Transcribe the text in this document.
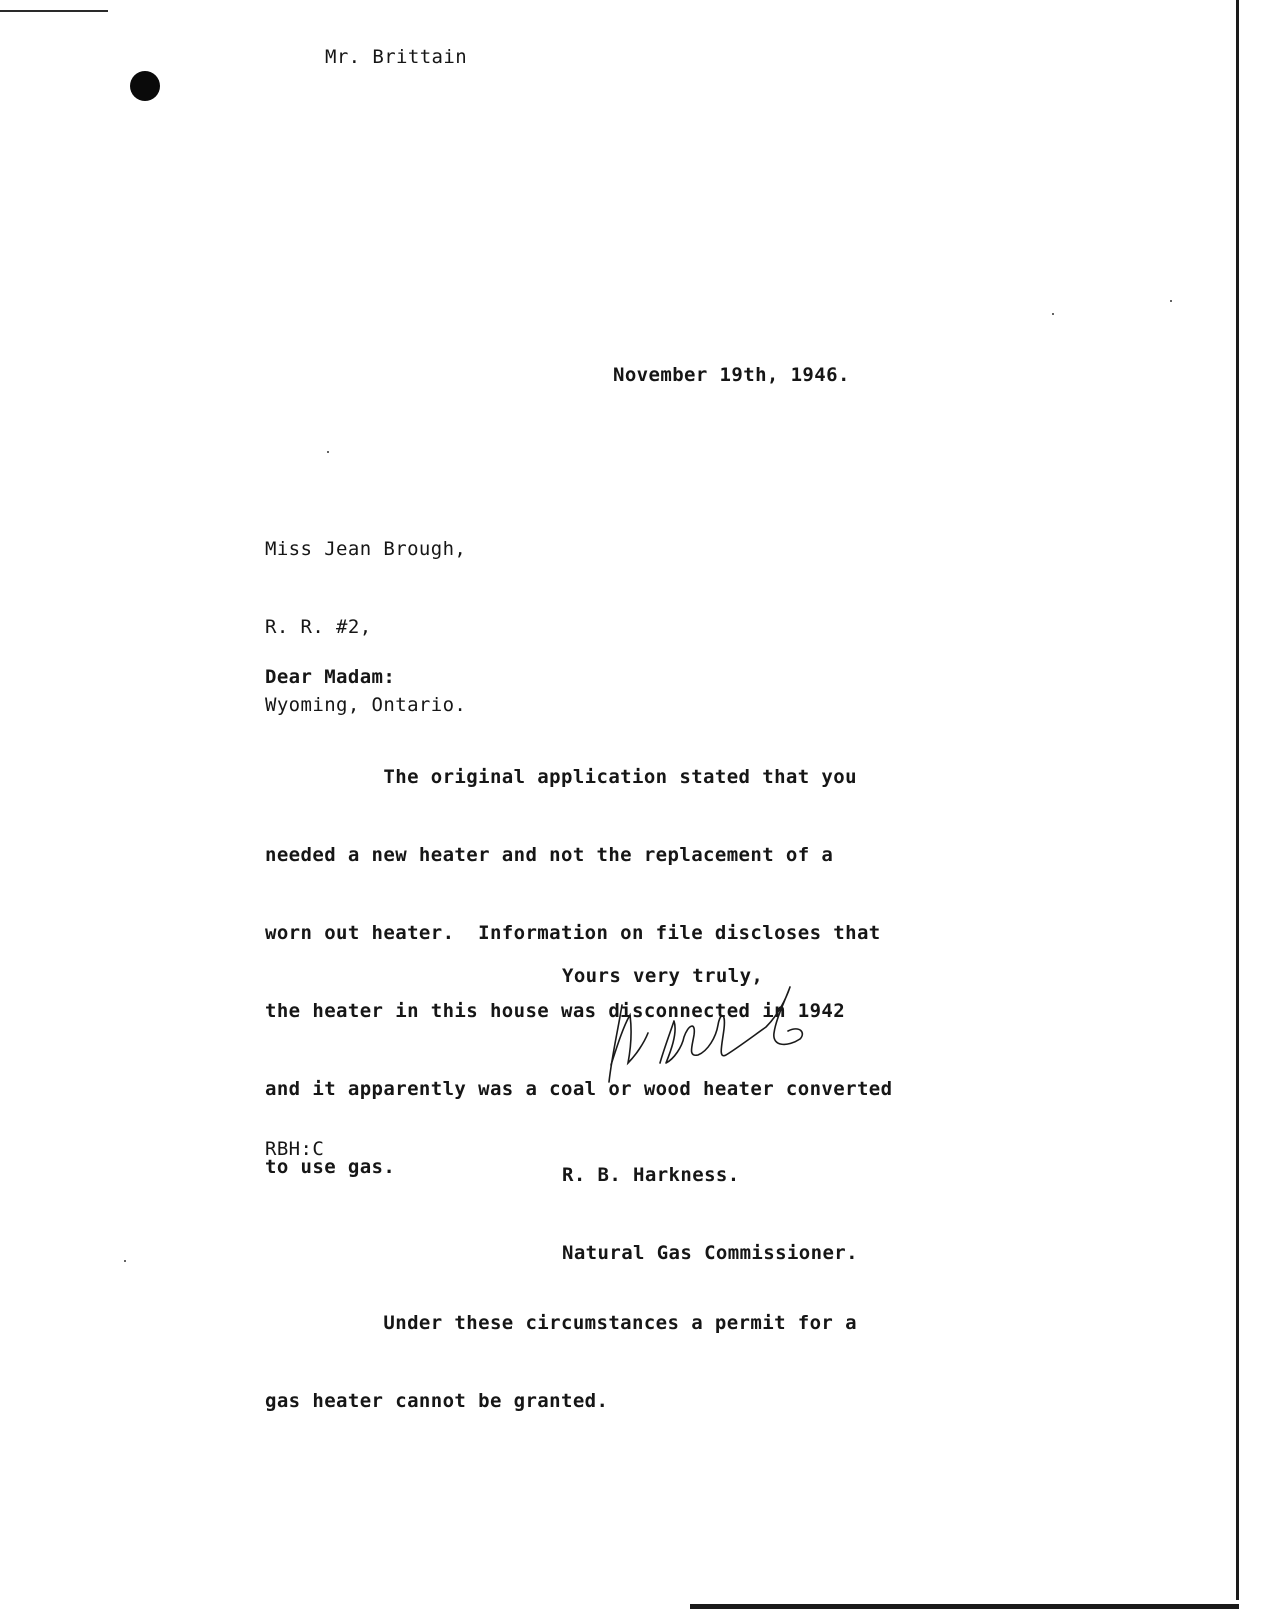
Mr. Brittain
November 19th, 1946.

Miss Jean Brough,

R. R. #2,

Wyoming, Ontario.

Dear Madam:

The original application stated that you

needed a new heater and not the replacement of a

worn out heater.  Information on file discloses that

the heater in this house was disconnected in 1942

and it apparently was a coal or wood heater converted

to use gas.

Under these circumstances a permit for a

gas heater cannot be granted.

Yours very truly,

R. B. Harkness.

Natural Gas Commissioner.

RBH:C
